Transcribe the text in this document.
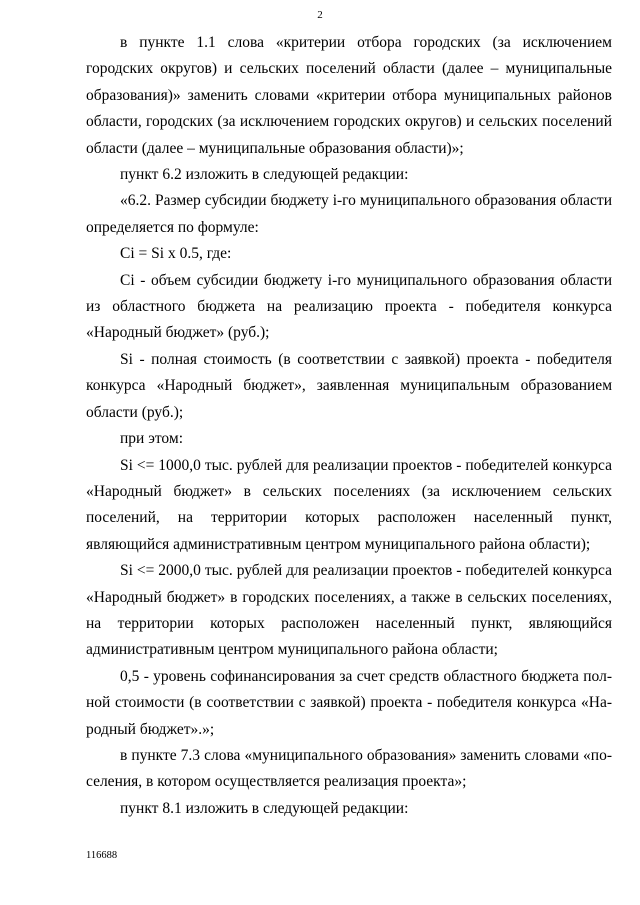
2

в пункте 1.1 слова «критерии отбора городских (за исключением городских округов) и сельских поселений области (далее – муниципальные образования)» заменить словами «критерии отбора муниципальных районов области, городских (за исключением городских округов) и сельских поселений области (далее – муниципальные образования области)»;

пункт 6.2 изложить в следующей редакции:

«6.2. Размер субсидии бюджету i-го муниципального образования области определяется по формуле:

Ci = Si x 0.5, где:

Ci - объем субсидии бюджету i-го муниципального образования области из областного бюджета на реализацию проекта - победителя конкурса «Народный бюджет» (руб.);

Si - полная стоимость (в соответствии с заявкой) проекта - победителя конкурса «Народный бюджет», заявленная муниципальным образованием области (руб.);

при этом:

Si <= 1000,0 тыс. рублей для реализации проектов - победителей конкурса «Народный бюджет» в сельских поселениях (за исключением сельских поселений, на территории которых расположен населенный пункт, являющийся административным центром муниципального района области);

Si <= 2000,0 тыс. рублей для реализации проектов - победителей конкурса «Народный бюджет» в городских поселениях, а также в сельских поселениях, на территории которых расположен населенный пункт, являющийся административным центром муниципального района области;

0,5 - уровень софинансирования за счет средств областного бюджета полной стоимости (в соответствии с заявкой) проекта - победителя конкурса «Народный бюджет».»;

в пункте 7.3 слова «муниципального образования» заменить словами «поселения, в котором осуществляется реализация проекта»;

пункт 8.1 изложить в следующей редакции:

116688
